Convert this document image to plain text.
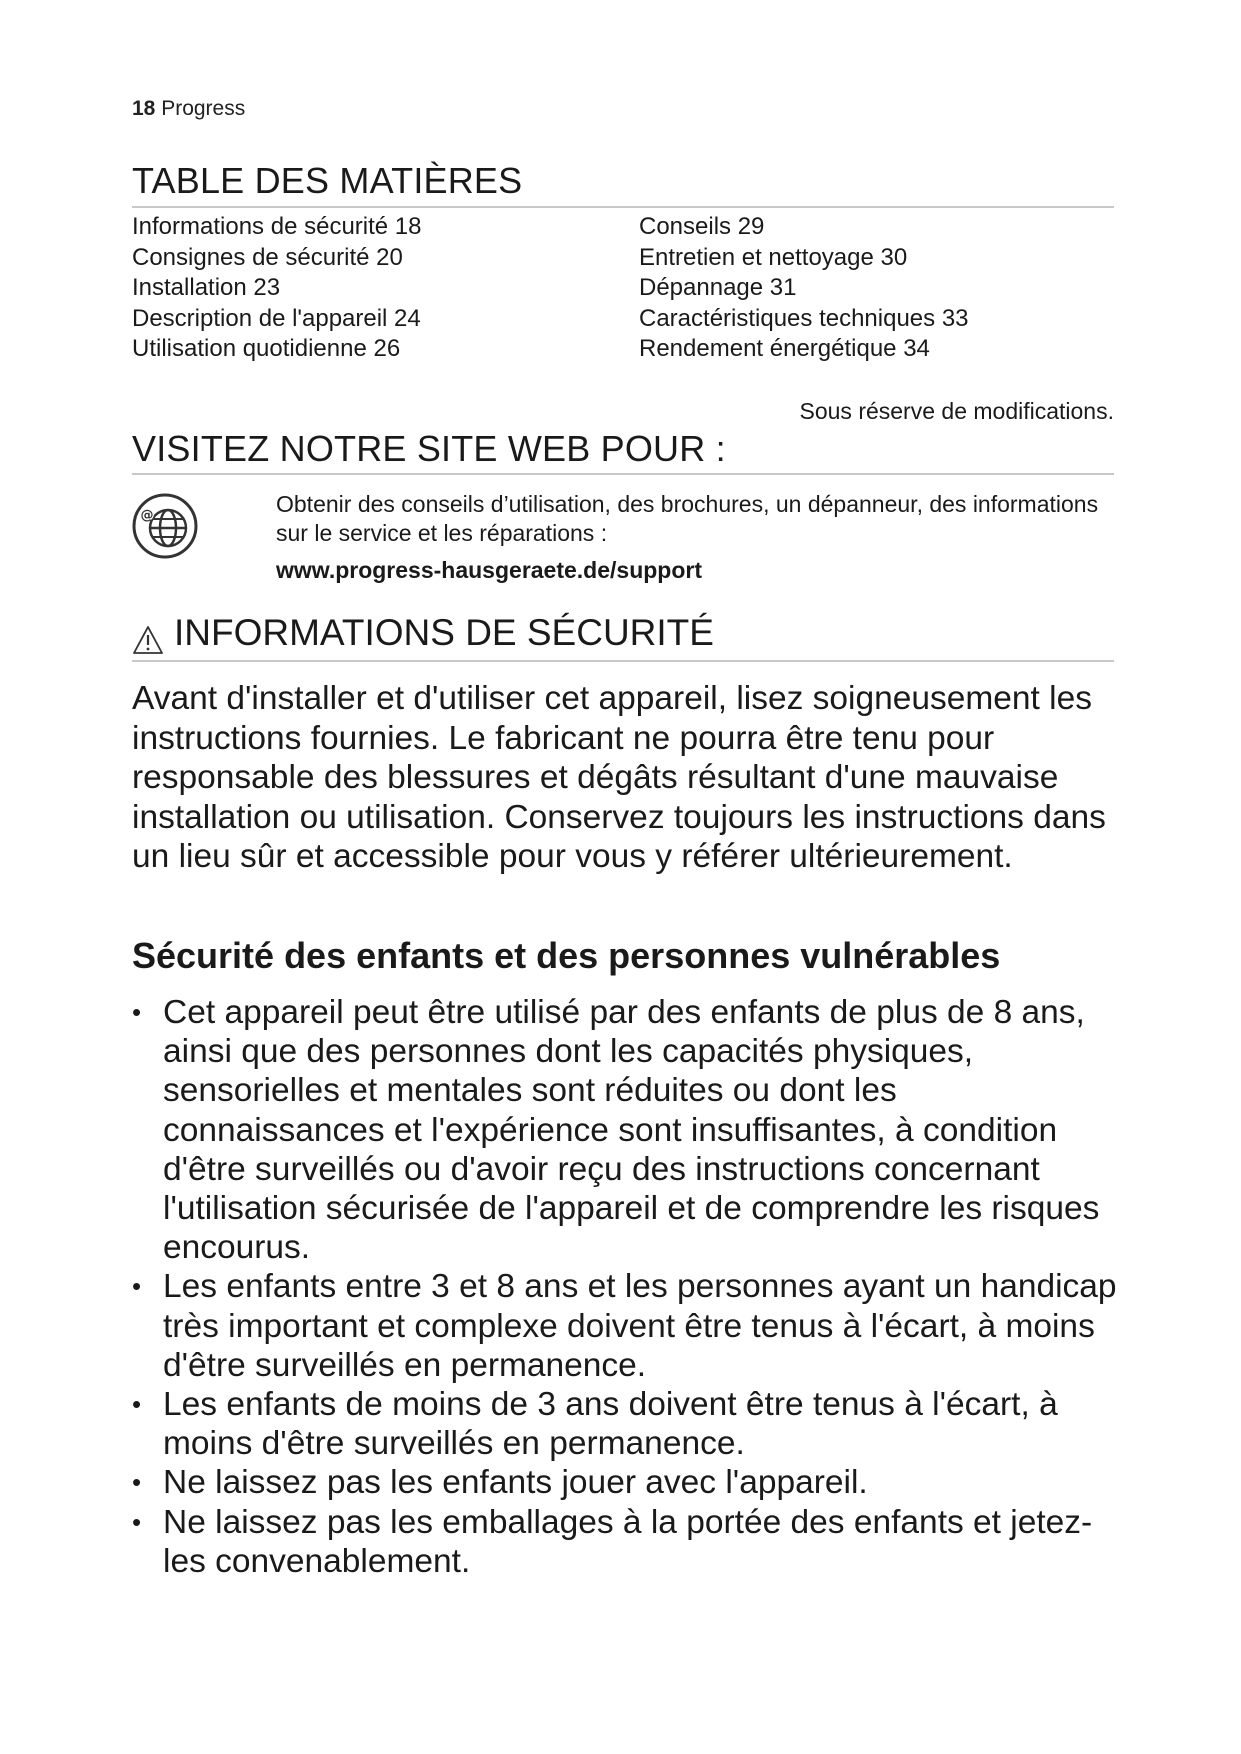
18 Progress
TABLE DES MATIÈRES
Informations de sécurité 18
Consignes de sécurité 20
Installation 23
Description de l'appareil 24
Utilisation quotidienne 26
Conseils 29
Entretien et nettoyage 30
Dépannage 31
Caractéristiques techniques 33
Rendement énergétique 34
Sous réserve de modifications.
VISITEZ NOTRE SITE WEB POUR :
@	Obtenir des conseils d’utilisation, des brochures, un dépanneur, des informations sur le service et les réparations :
www.progress-hausgeraete.de/support
INFORMATIONS DE SÉCURITÉ
Avant d'installer et d'utiliser cet appareil, lisez soigneusement les instructions fournies. Le fabricant ne pourra être tenu pour responsable des blessures et dégâts résultant d'une mauvaise installation ou utilisation. Conservez toujours les instructions dans un lieu sûr et accessible pour vous y référer ultérieurement.
Sécurité des enfants et des personnes vulnérables
• Cet appareil peut être utilisé par des enfants de plus de 8 ans, ainsi que des personnes dont les capacités physiques, sensorielles et mentales sont réduites ou dont les connaissances et l'expérience sont insuffisantes, à condition d'être surveillés ou d'avoir reçu des instructions concernant l'utilisation sécurisée de l'appareil et de comprendre les risques encourus.
• Les enfants entre 3 et 8 ans et les personnes ayant un handicap très important et complexe doivent être tenus à l'écart, à moins d'être surveillés en permanence.
• Les enfants de moins de 3 ans doivent être tenus à l'écart, à moins d'être surveillés en permanence.
• Ne laissez pas les enfants jouer avec l'appareil.
• Ne laissez pas les emballages à la portée des enfants et jetez-les convenablement.
